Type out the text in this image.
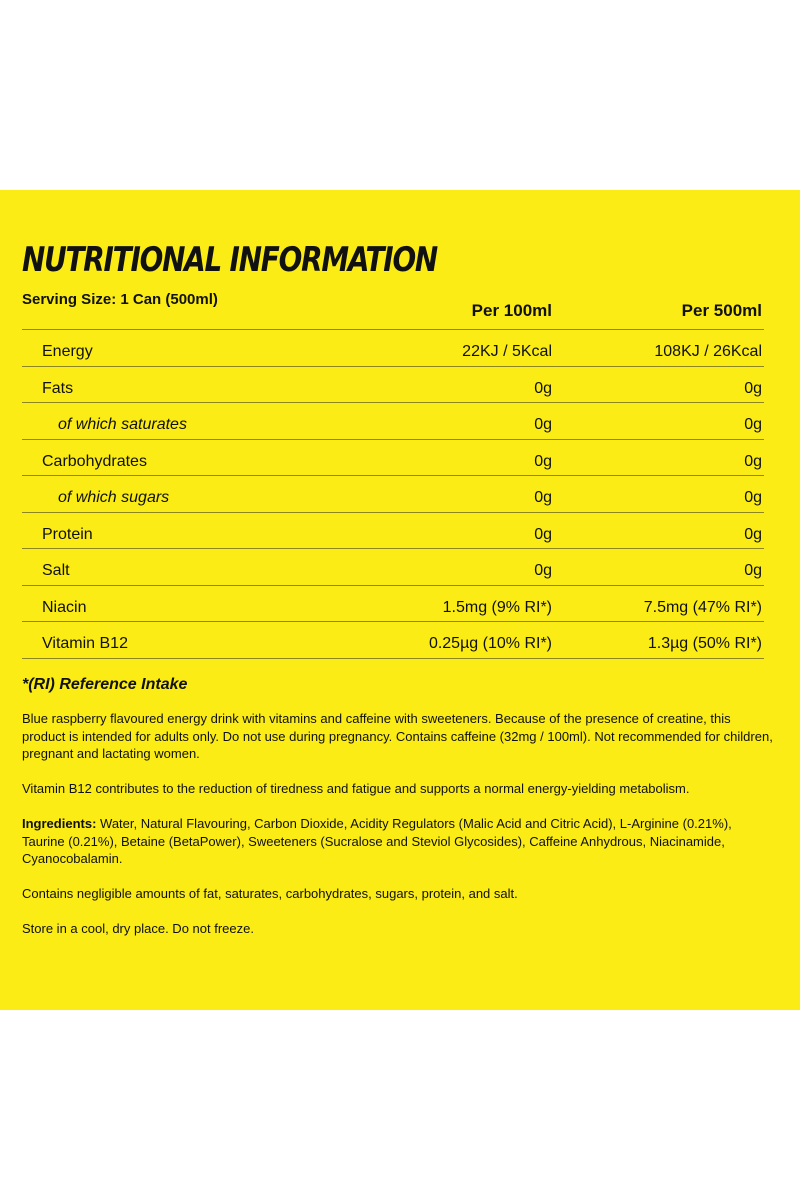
NUTRITIONAL INFORMATION
Serving Size: 1 Can (500ml)
Per 100ml	Per 500ml
Energy	22KJ / 5Kcal	108KJ / 26Kcal
Fats	0g	0g
of which saturates	0g	0g
Carbohydrates	0g	0g
of which sugars	0g	0g
Protein	0g	0g
Salt	0g	0g
Niacin	1.5mg (9% RI*)	7.5mg (47% RI*)
Vitamin B12	0.25µg (10% RI*)	1.3µg (50% RI*)
*(RI) Reference Intake

Blue raspberry flavoured energy drink with vitamins and caffeine with sweeteners. Because of the presence of creatine, this product is intended for adults only. Do not use during pregnancy. Contains caffeine (32mg / 100ml). Not recommended for children, pregnant and lactating women.

Vitamin B12 contributes to the reduction of tiredness and fatigue and supports a normal energy-yielding metabolism.

Ingredients: Water, Natural Flavouring, Carbon Dioxide, Acidity Regulators (Malic Acid and Citric Acid), L-Arginine (0.21%), Taurine (0.21%), Betaine (BetaPower), Sweeteners (Sucralose and Steviol Glycosides), Caffeine Anhydrous, Niacinamide, Cyanocobalamin.

Contains negligible amounts of fat, saturates, carbohydrates, sugars, protein, and salt.

Store in a cool, dry place. Do not freeze.
